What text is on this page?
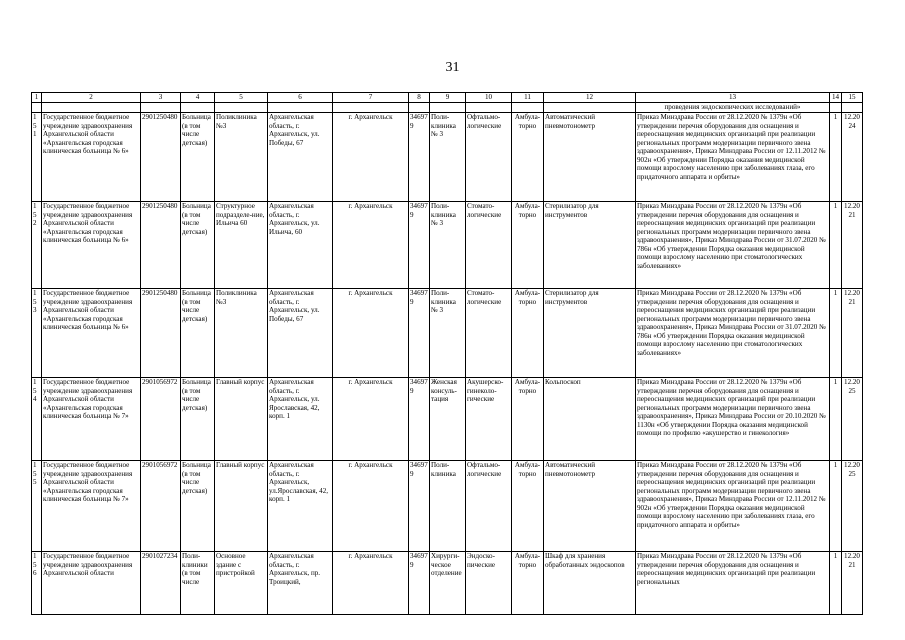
31
1	2	3	4	5	6	7	8	9	10	11	12	13	14	15
												проведения эндоскопических исследований»		
151	Государственное бюджетное учреждение здравоохранения Архангельской области «Архангельская городская клиническая больница № 6»	2901250480	Больница (в том числе детская)	Поликлиника №3	Архангельская область, г. Архангельск, ул. Победы, 67	г. Архангельск	346979	Поли-клиника № 3	Офтальмо-логические	Амбула-торно	Автоматический пневмотонометр	Приказ Минздрава России от 28.12.2020 № 1379н «Об утверждении перечня оборудования для оснащения и переоснащения медицинских организаций при реализации региональных программ модернизации первичного звена здравоохранения», Приказ Минздрава России от 12.11.2012 № 902н «Об утверждении Порядка оказания медицинской помощи взрослому населению при заболеваниях глаза, его придаточного аппарата и орбиты»	1	12.2024
152	Государственное бюджетное учреждение здравоохранения Архангельской области «Архангельская городская клиническая больница № 6»	2901250480	Больница (в том числе детская)	Структурное подразделе-ние, Ильича 60	Архангельская область, г. Архангельск, ул. Ильича, 60	г. Архангельск	346979	Поли-клиника № 3	Стомато-логические	Амбула-торно	Стерилизатор для инструментов	Приказ Минздрава России от 28.12.2020 № 1379н «Об утверждении перечня оборудования для оснащения и переоснащения медицинских организаций при реализации региональных программ модернизации первичного звена здравоохранения», Приказ Минздрава России от 31.07.2020 № 786н «Об утверждении Порядка оказания медицинской помощи взрослому населению при стоматологических заболеваниях»	1	12.2021
153	Государственное бюджетное учреждение здравоохранения Архангельской области «Архангельская городская клиническая больница № 6»	2901250480	Больница (в том числе детская)	Поликлиника №3	Архангельская область, г. Архангельск, ул. Победы, 67	г. Архангельск	346979	Поли-клиника № 3	Стомато-логические	Амбула-торно	Стерилизатор для инструментов	Приказ Минздрава России от 28.12.2020 № 1379н «Об утверждении перечня оборудования для оснащения и переоснащения медицинских организаций при реализации региональных программ модернизации первичного звена здравоохранения», Приказ Минздрава России от 31.07.2020 № 786н «Об утверждении Порядка оказания медицинской помощи взрослому населению при стоматологических заболеваниях»	1	12.2021
154	Государственное бюджетное учреждение здравоохранения Архангельской области «Архангельская городская клиническая больница № 7»	2901056972	Больница (в том числе детская)	Главный корпус	Архангельская область, г. Архангельск, ул. Ярославская, 42, корп. 1	г. Архангельск	346979	Женская консуль-тация	Акушерско-гинеколо-гические	Амбула-торно	Кольпоскоп	Приказ Минздрава России от 28.12.2020 № 1379н «Об утверждении перечня оборудования для оснащения и переоснащения медицинских организаций при реализации региональных программ модернизации первичного звена здравоохранения», Приказ Минздрава России от 20.10.2020 № 1130н «Об утверждении Порядка оказания медицинской помощи по профилю «акушерство и гинекология»	1	12.2025
155	Государственное бюджетное учреждение здравоохранения Архангельской области «Архангельская городская клиническая больница № 7»	2901056972	Больница (в том числе детская)	Главный корпус	Архангельская область, г. Архангельск, ул.Ярославская, 42, корп. 1	г. Архангельск	346979	Поли-клиника	Офтальмо-логические	Амбула-торно	Автоматический пневмотонометр	Приказ Минздрава России от 28.12.2020 № 1379н «Об утверждении перечня оборудования для оснащения и переоснащения медицинских организаций при реализации региональных программ модернизации первичного звена здравоохранения», Приказ Минздрава России от 12.11.2012 № 902н «Об утверждении Порядка оказания медицинской помощи взрослому населению при заболеваниях глаза, его придаточного аппарата и орбиты»	1	12.2025
156	Государственное бюджетное учреждение здравоохранения Архангельской области	2901027234	Поли-клиники (в том числе	Основное здание с пристройкой	Архангельская область, г. Архангельск, пр. Троицкий,	г. Архангельск	346979	Хирурги-ческое отделение	Эндоско-пические	Амбула-торно	Шкаф для хранения обработанных эндоскопов	Приказ Минздрава России от 28.12.2020 № 1379н «Об утверждении перечня оборудования для оснащения и переоснащения медицинских организаций при реализации региональных	1	12.2021
